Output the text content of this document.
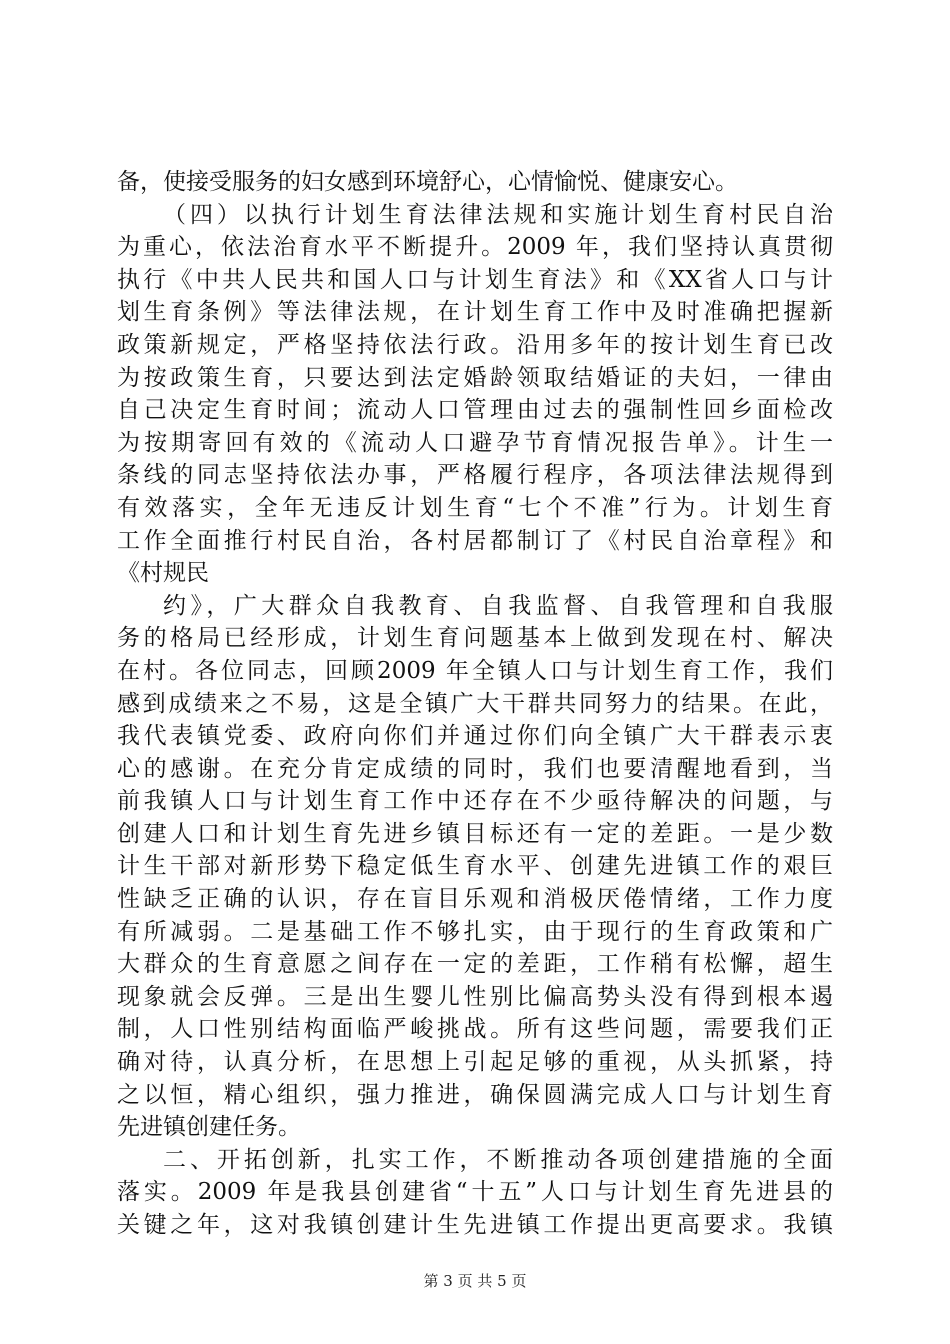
备，使接受服务的妇女感到环境舒心，心情愉悦、健康安心。
（四）以执行计划生育法律法规和实施计划生育村民自治
为重心，依法治育水平不断提升。2009 年，我们坚持认真贯彻
执行《中共人民共和国人口与计划生育法》和《XX省人口与计
划生育条例》等法律法规，在计划生育工作中及时准确把握新
政策新规定，严格坚持依法行政。沿用多年的按计划生育已改
为按政策生育，只要达到法定婚龄领取结婚证的夫妇，一律由
自己决定生育时间；流动人口管理由过去的强制性回乡面检改
为按期寄回有效的《流动人口避孕节育情况报告单》。计生一
条线的同志坚持依法办事，严格履行程序，各项法律法规得到
有效落实，全年无违反计划生育“七个不准”行为。计划生育
工作全面推行村民自治，各村居都制订了《村民自治章程》和
《村规民
约》，广大群众自我教育、自我监督、自我管理和自我服
务的格局已经形成，计划生育问题基本上做到发现在村、解决
在村。各位同志，回顾2009 年全镇人口与计划生育工作，我们
感到成绩来之不易，这是全镇广大干群共同努力的结果。在此，
我代表镇党委、政府向你们并通过你们向全镇广大干群表示衷
心的感谢。在充分肯定成绩的同时，我们也要清醒地看到，当
前我镇人口与计划生育工作中还存在不少亟待解决的问题，与
创建人口和计划生育先进乡镇目标还有一定的差距。一是少数
计生干部对新形势下稳定低生育水平、创建先进镇工作的艰巨
性缺乏正确的认识，存在盲目乐观和消极厌倦情绪，工作力度
有所减弱。二是基础工作不够扎实，由于现行的生育政策和广
大群众的生育意愿之间存在一定的差距，工作稍有松懈，超生
现象就会反弹。三是出生婴儿性别比偏高势头没有得到根本遏
制，人口性别结构面临严峻挑战。所有这些问题，需要我们正
确对待，认真分析，在思想上引起足够的重视，从头抓紧，持
之以恒，精心组织，强力推进，确保圆满完成人口与计划生育
先进镇创建任务。
二、开拓创新，扎实工作，不断推动各项创建措施的全面
落实。2009 年是我县创建省“十五”人口与计划生育先进县的
关键之年，这对我镇创建计生先进镇工作提出更高要求。我镇
第 3 页 共 5 页
